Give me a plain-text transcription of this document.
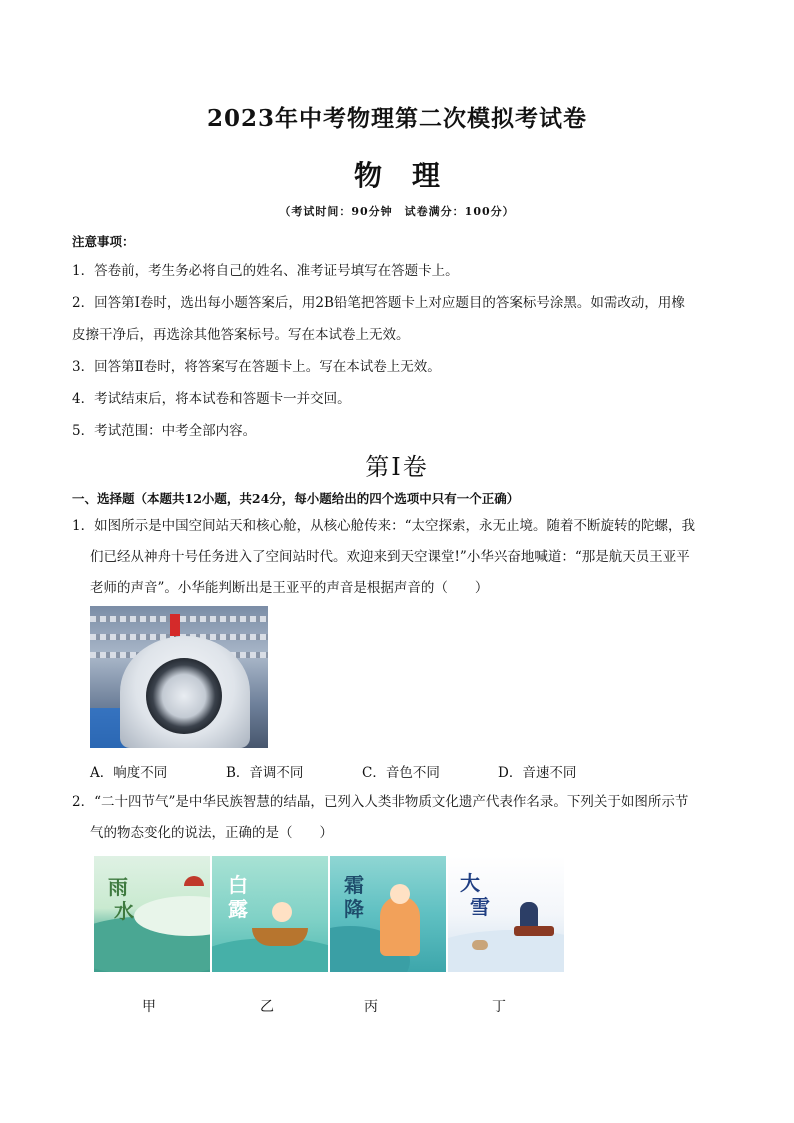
2023年中考物理第二次模拟考试卷
物理
（考试时间：90分钟　试卷满分：100分）
注意事项：
1．答卷前，考生务必将自己的姓名、准考证号填写在答题卡上。
2．回答第Ⅰ卷时，选出每小题答案后，用2B铅笔把答题卡上对应题目的答案标号涂黑。如需改动，用橡
皮擦干净后，再选涂其他答案标号。写在本试卷上无效。
3．回答第Ⅱ卷时，将答案写在答题卡上。写在本试卷上无效。
4．考试结束后，将本试卷和答题卡一并交回。
5．考试范围：中考全部内容。
第Ⅰ卷
一、选择题（本题共12小题，共24分，每小题给出的四个选项中只有一个正确）
1．如图所示是中国空间站天和核心舱，从核心舱传来：“太空探索，永无止境。随着不断旋转的陀螺，我
们已经从神舟十号任务进入了空间站时代。欢迎来到天空课堂!”小华兴奋地喊道：“那是航天员王亚平
老师的声音”。小华能判断出是王亚平的声音是根据声音的（　　）
A．响度不同	B．音调不同	C．音色不同	D．音速不同
2．“二十四节气”是中华民族智慧的结晶，已列入人类非物质文化遗产代表作名录。下列关于如图所示节
气的物态变化的说法，正确的是（　　）
雨
水
白
露
霜
降
大
雪
甲	乙	丙	丁
